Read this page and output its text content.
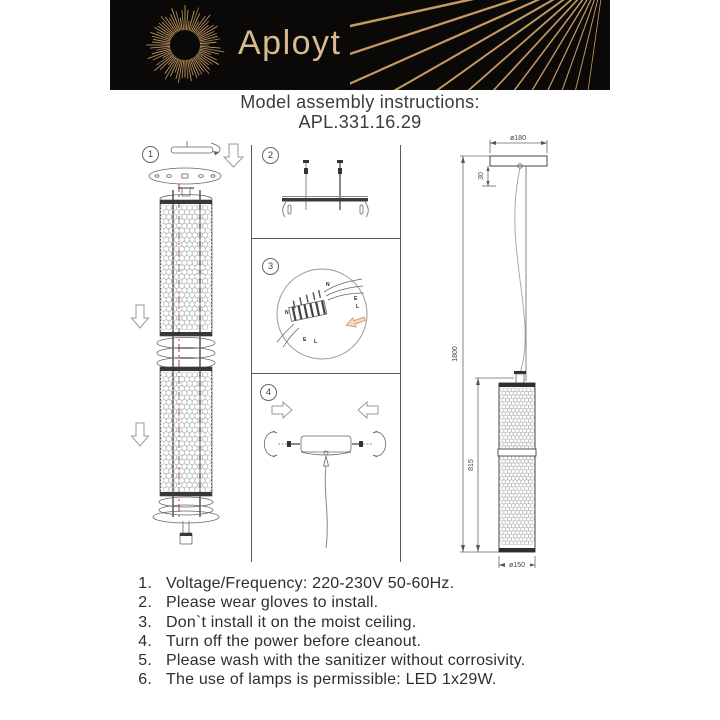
Aployt
Model assembly instructions:
APL.331.16.29
1	2
3
4
N
E
L
N
E L
ø180
1800
30
815
ø150
1. Voltage/Frequency: 220-230V 50-60Hz.
2. Please wear gloves to install.
3. Don`t install it on the moist ceiling.
4. Turn off the power before cleanout.
5. Please wash with the sanitizer without corrosivity.
6. The use of lamps is permissible: LED 1x29W.
